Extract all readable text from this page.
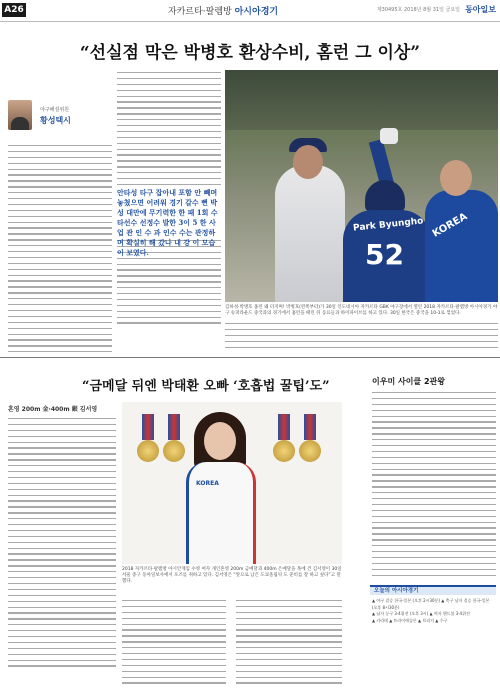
A26	자카르타·팔렘방 아시아경기	제30495호 2018년 8월 31일 금요일 동아일보
“선실점 막은 박병호 환상수비, 홈런 그 이상”
야구해설위원
황성택시
안타성 타구 잡아내 포함 안 빼며 놓쳤으면 어려워 경기 갈수 뻔 박성 대만에 무기력한 한 패 1회 수 타선수 선정수 발한 3이 5 한 사업 관 인 수 과 인수 수는 관정하며 확실히 해 갔나 내 강 이 모습이 보였다.
Park Byungho
52
KOREA
김하성·박병호 홈런 왜 터지며! 박병호(왼쪽부터)가 30일 인도네시아 자카르타 GBK 야구장에서 열린 2018 자카르타·팔렘방 아시아경기 야구 슈퍼라운드 중국과의 경기에서 홈런을 때린 뒤 동료들과 하이파이브를 하고 있다. 30일 한국은 중국을 10-1로 꺾었다.
“금메달 뒤엔 박태환 오빠 ‘호흡법 꿀팁’도”
혼영 200m 金·400m 銀 김서영
KOREA
2018 자카르타·팔렘방 아시안게임 수영 여자 개인혼영 200m 금메달과 400m 은메달을 목에 건 김서영이 30일 서울 중구 동아일보사에서 포즈를 취하고 있다. 김서영은 “앞으로 남은 도쿄올림픽 도 준비를 잘 하고 싶다”고 말했다.
이우미 사이클 2관왕
오늘의 아시아경기
▲ 야구 결승 한국-일본 (오후 2시30분) ▲ 축구 남자 결승 한국-일본 (오후 8시30분)
▲ 남자 농구 3·4위전 (오후 3시) ▲ 여자 핸드볼 3·4위전
▲ 카라테 ▲ 트라이애슬론 ▲ 브리지 ▲ 수구
